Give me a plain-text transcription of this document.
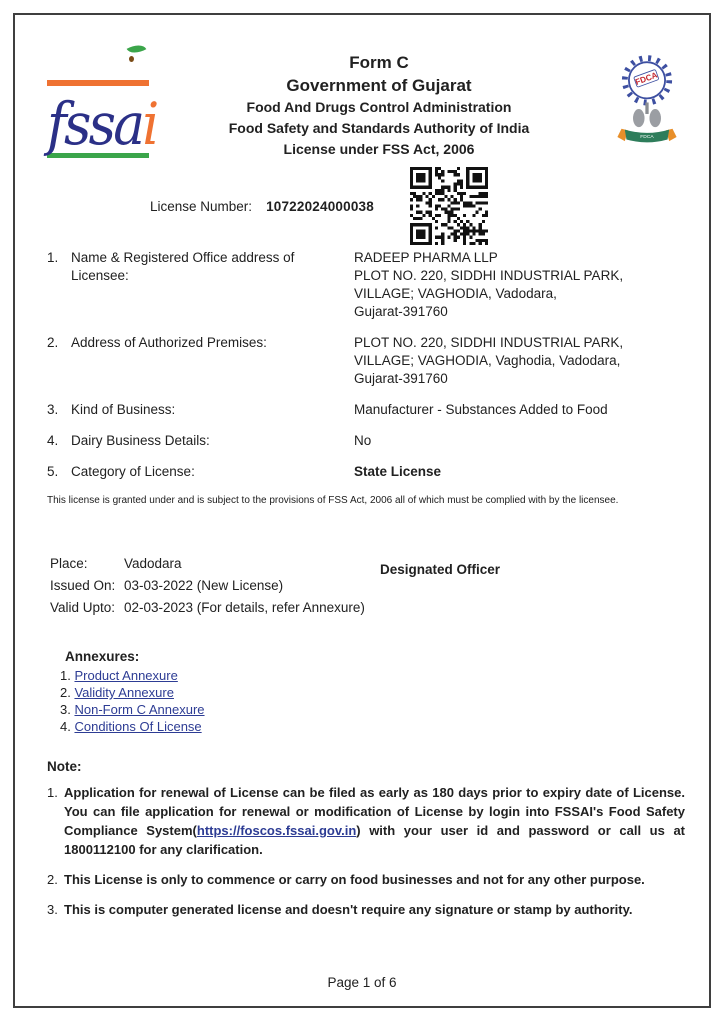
fssai
Form C
Government of Gujarat
Food And Drugs Control Administration
Food Safety and Standards Authority of India
License under FSS Act, 2006
FDCA
FDCA
License Number: 10722024000038
1. Name & Registered Office address of Licensee:
RADEEP PHARMA LLP
PLOT NO. 220, SIDDHI INDUSTRIAL PARK,
VILLAGE; VAGHODIA, Vadodara,
Gujarat-391760
2. Address of Authorized Premises:	PLOT NO. 220, SIDDHI INDUSTRIAL PARK,
VILLAGE; VAGHODIA, Vaghodia, Vadodara,
Gujarat-391760
3. Kind of Business:	Manufacturer - Substances Added to Food
4. Dairy Business Details:	No
5. Category of License:	State License
This license is granted under and is subject to the provisions of FSS Act, 2006 all of which must be complied with by the licensee.
Place:	Vadodara
Issued On: 03-03-2022 (New License)
Valid Upto: 02-03-2023 (For details, refer Annexure)
Designated Officer
Annexures:
1. Product Annexure
2. Validity Annexure
3. Non-Form C Annexure
4. Conditions Of License
Note:
1. Application for renewal of License can be filed as early as 180 days prior to expiry date of License. You can file application for renewal or modification of License by login into FSSAI's Food Safety Compliance System(https://foscos.fssai.gov.in) with your user id and password or call us at 1800112100 for any clarification.
2. This License is only to commence or carry on food businesses and not for any other purpose.
3. This is computer generated license and doesn't require any signature or stamp by authority.
Page 1 of 6
